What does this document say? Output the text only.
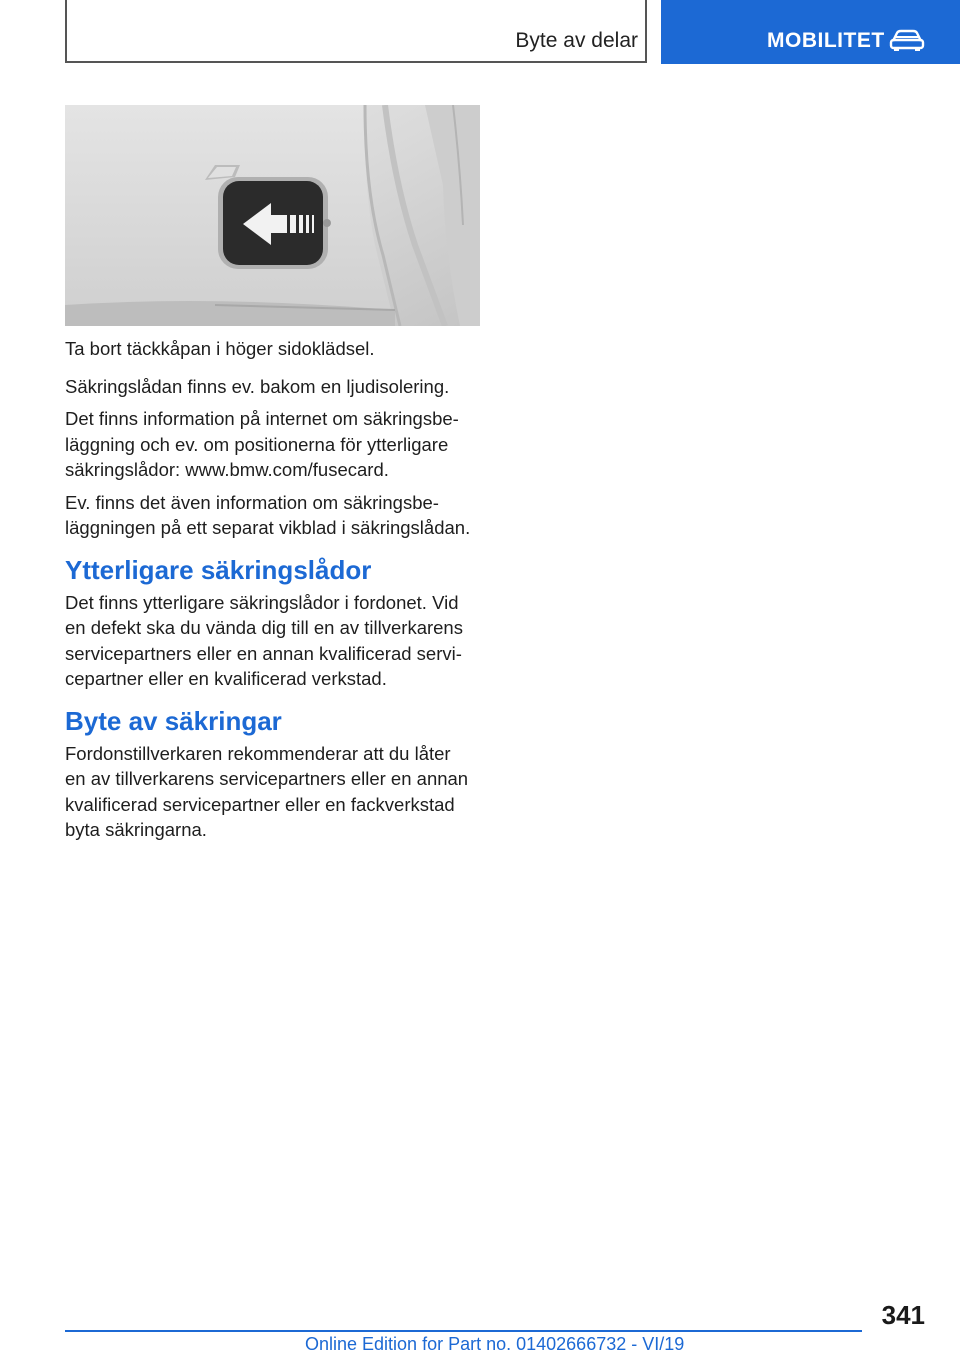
Byte av delar	MOBILITET

Ta bort täckkåpan i höger sidoklädsel.

Säkringslådan finns ev. bakom en ljudisolering.

Det finns information på internet om säkringsbe‐
läggning och ev. om positionerna för ytterligare
säkringslådor: www.bmw.com/fusecard.

Ev. finns det även information om säkringsbe‐
läggningen på ett separat vikblad i säkringslådan.

Ytterligare säkringslådor

Det finns ytterligare säkringslådor i fordonet. Vid
en defekt ska du vända dig till en av tillverkarens
servicepartners eller en annan kvalificerad servi‐
cepartner eller en kvalificerad verkstad.

Byte av säkringar

Fordonstillverkaren rekommenderar att du låter
en av tillverkarens servicepartners eller en annan
kvalificerad servicepartner eller en fackverkstad
byta säkringarna.

341
Online Edition for Part no. 01402666732 - VI/19
